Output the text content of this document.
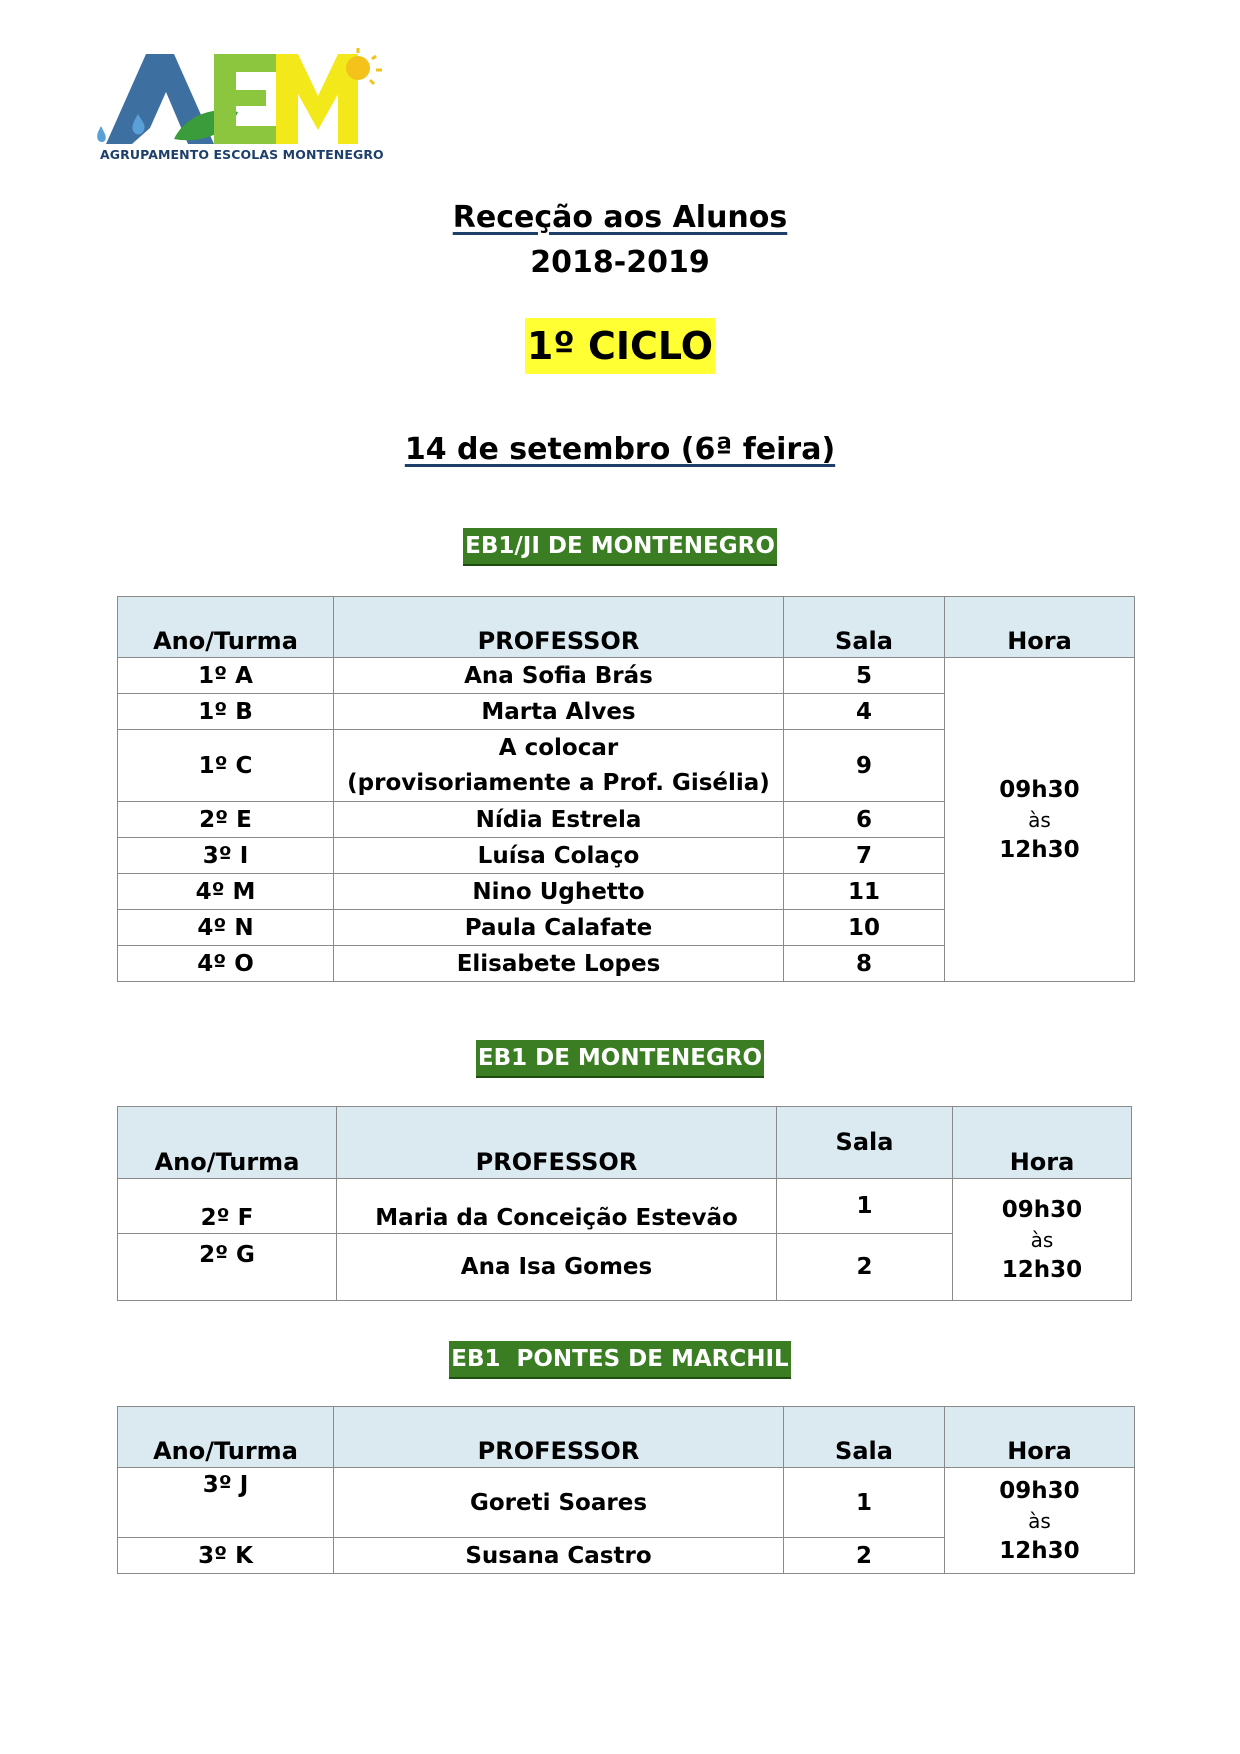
AGRUPAMENTO ESCOLAS MONTENEGRO
Receção aos Alunos
2018-2019
1º CICLO
14 de setembro (6ª feira)
EB1/JI DE MONTENEGRO
Ano/Turma	PROFESSOR	Sala	Hora
1º A	Ana Sofia Brás	5	09h30
às
12h30

1º B	Marta Alves	4	
1º C	A colocar
(provisoriamente a Prof. Gisélia)	9	
2º E	Nídia Estrela	6	
3º I	Luísa Colaço	7	
4º M	Nino Ughetto	11	
4º N	Paula Calafate	10	
4º O	Elisabete Lopes	8	
EB1 DE MONTENEGRO
Ano/Turma	PROFESSOR	Sala	Hora
2º F	Maria da Conceição Estevão	1	09h30
às
12h30

2º G	Ana Isa Gomes	2	
EB1  PONTES DE MARCHIL
Ano/Turma	PROFESSOR	Sala	Hora
3º J	Goreti Soares	1	09h30
às
12h30

3º K	Susana Castro	2	
